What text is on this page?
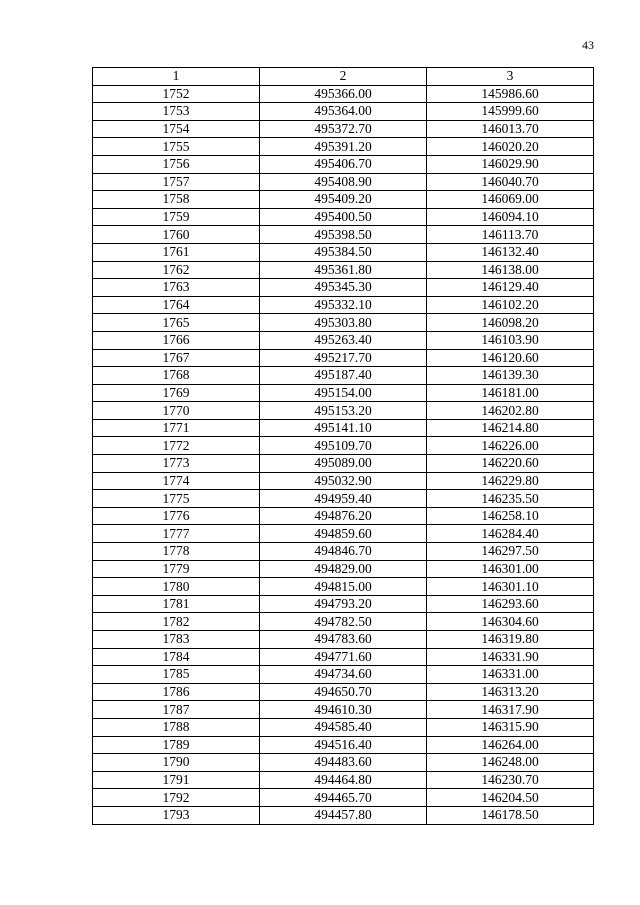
43
1	2	3
1752	495366.00	145986.60
1753	495364.00	145999.60
1754	495372.70	146013.70
1755	495391.20	146020.20
1756	495406.70	146029.90
1757	495408.90	146040.70
1758	495409.20	146069.00
1759	495400.50	146094.10
1760	495398.50	146113.70
1761	495384.50	146132.40
1762	495361.80	146138.00
1763	495345.30	146129.40
1764	495332.10	146102.20
1765	495303.80	146098.20
1766	495263.40	146103.90
1767	495217.70	146120.60
1768	495187.40	146139.30
1769	495154.00	146181.00
1770	495153.20	146202.80
1771	495141.10	146214.80
1772	495109.70	146226.00
1773	495089.00	146220.60
1774	495032.90	146229.80
1775	494959.40	146235.50
1776	494876.20	146258.10
1777	494859.60	146284.40
1778	494846.70	146297.50
1779	494829.00	146301.00
1780	494815.00	146301.10
1781	494793.20	146293.60
1782	494782.50	146304.60
1783	494783.60	146319.80
1784	494771.60	146331.90
1785	494734.60	146331.00
1786	494650.70	146313.20
1787	494610.30	146317.90
1788	494585.40	146315.90
1789	494516.40	146264.00
1790	494483.60	146248.00
1791	494464.80	146230.70
1792	494465.70	146204.50
1793	494457.80	146178.50
